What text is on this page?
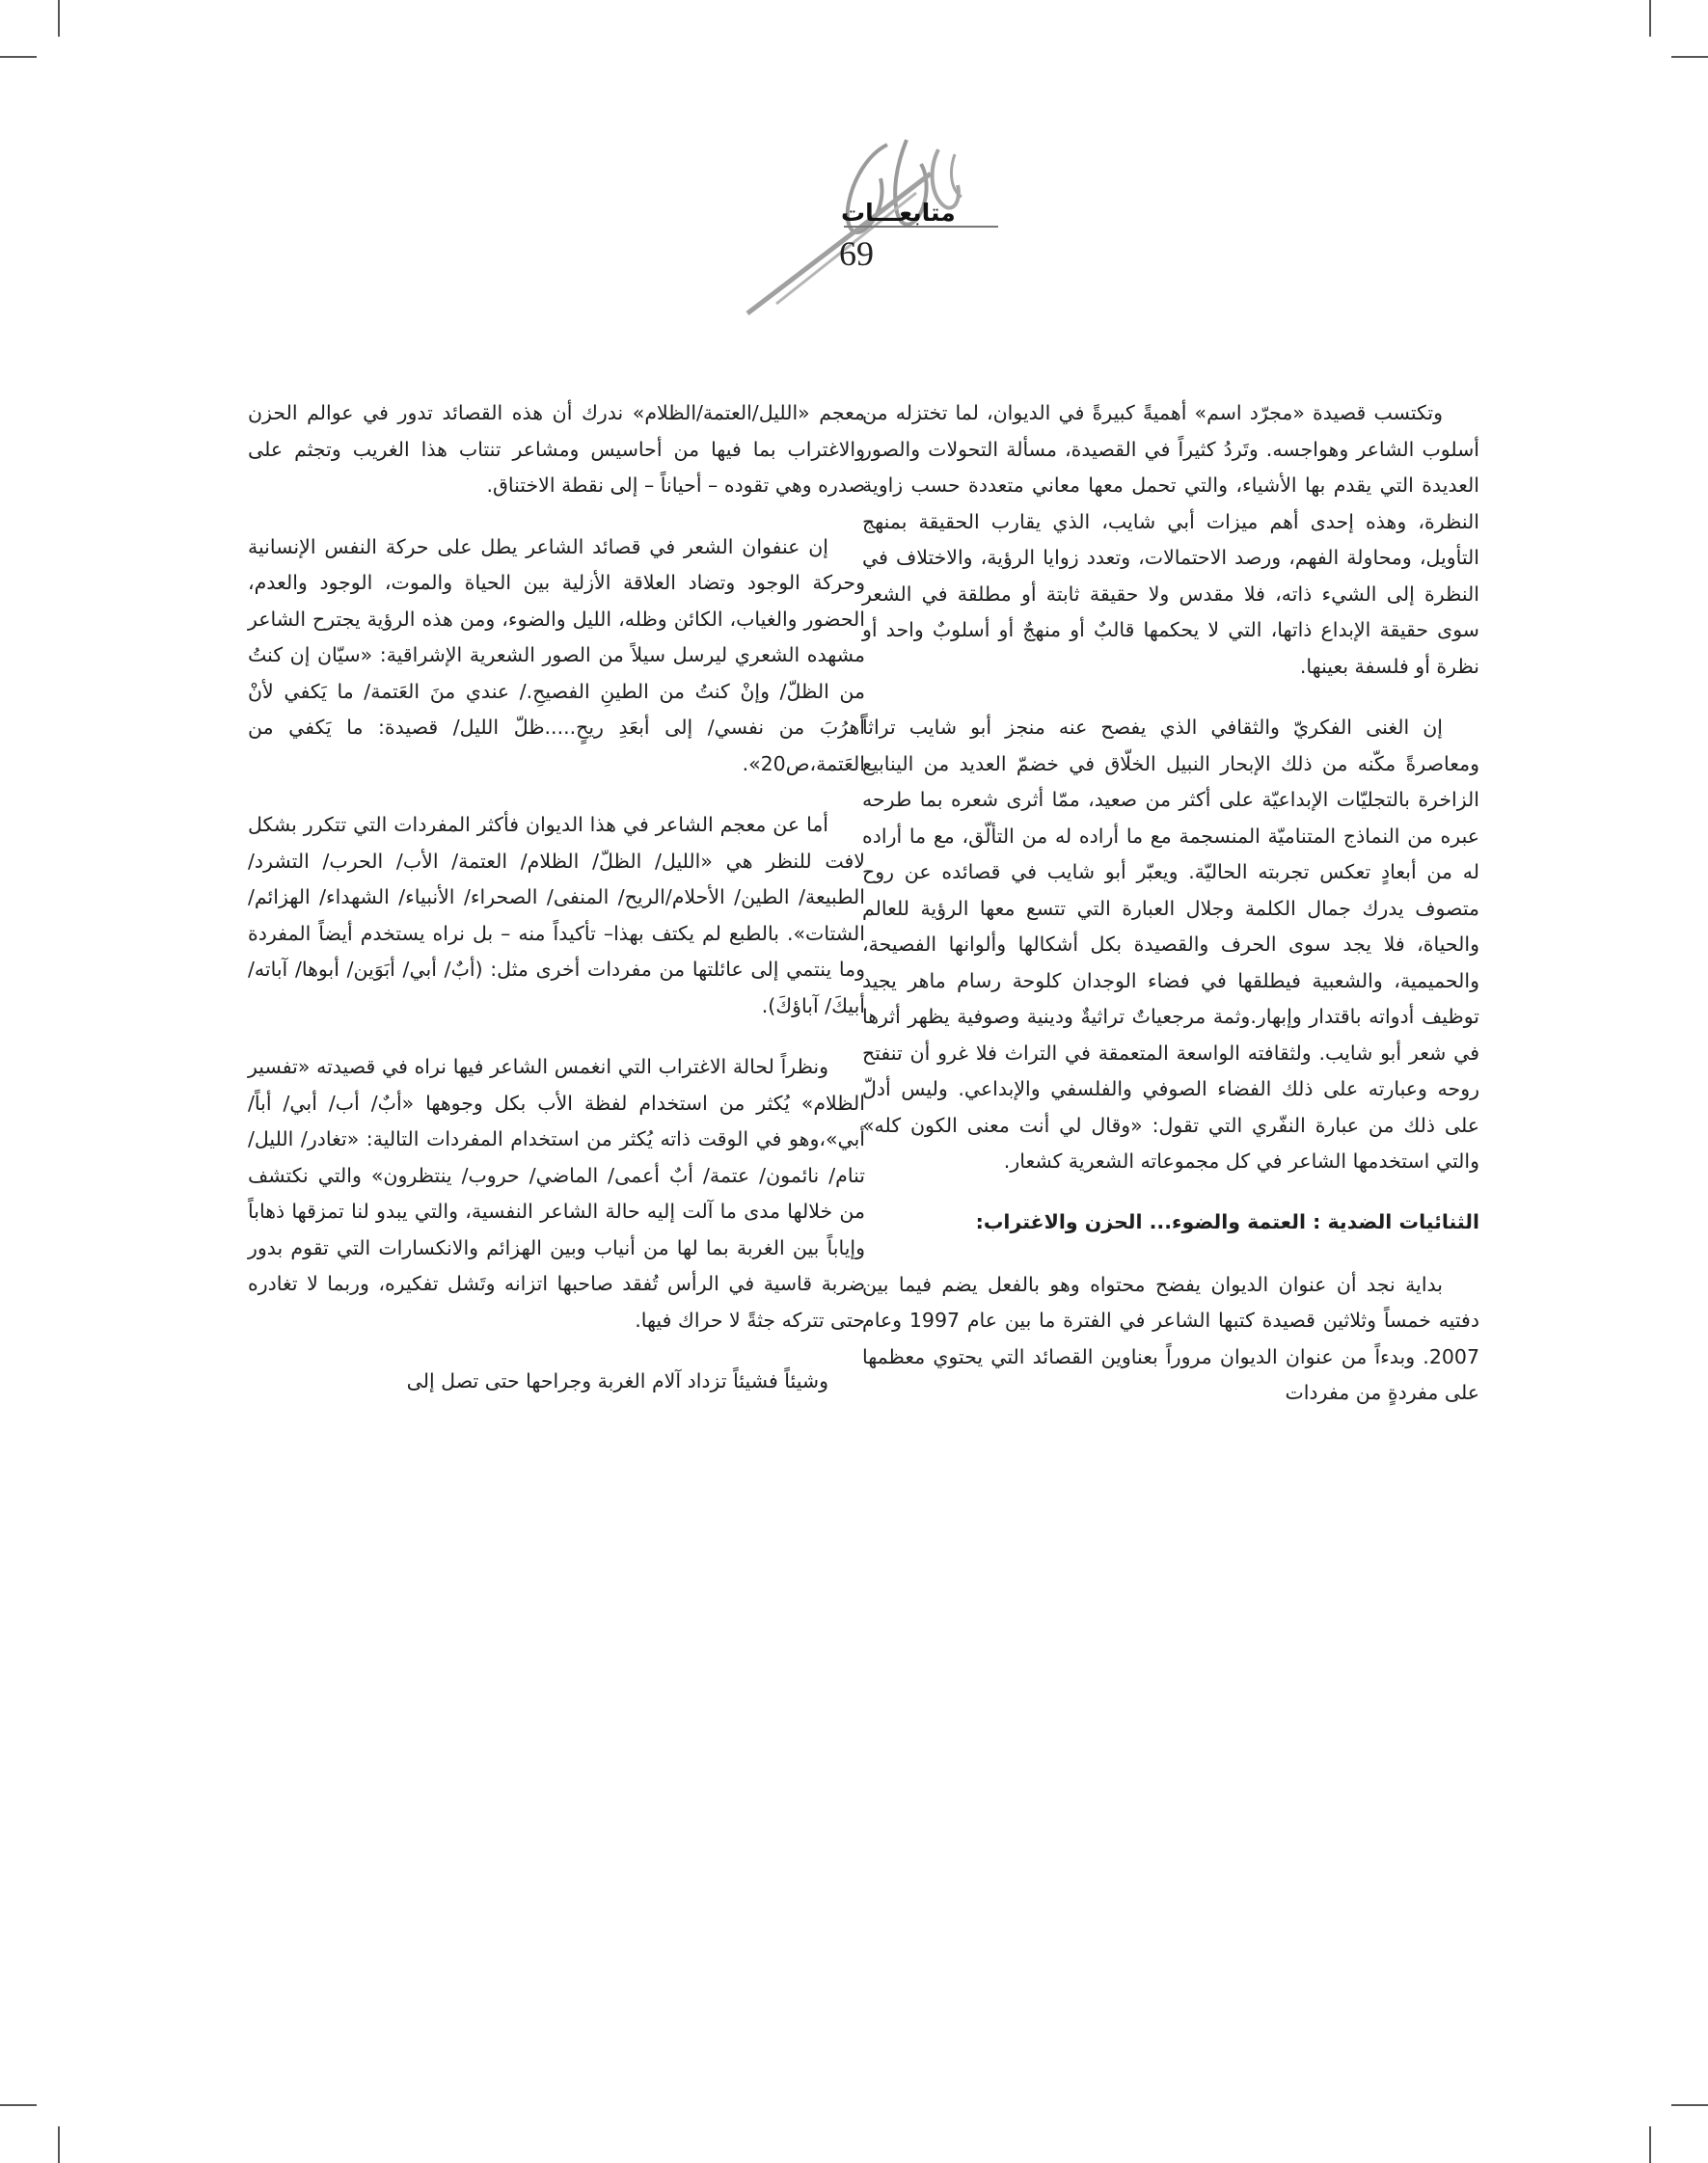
متابعـــات
69

وتكتسب قصيدة «مجرّد اسم» أهميةً كبيرةً في الديوان، لما تختزله من أسلوب الشاعر وهواجسه. وتَردُ كثيراً في القصيدة، مسألة التحولات والصور العديدة التي يقدم بها الأشياء، والتي تحمل معها معاني متعددة حسب زاوية النظرة، وهذه إحدى أهم ميزات أبي شايب، الذي يقارب الحقيقة بمنهج التأويل، ومحاولة الفهم، ورصد الاحتمالات، وتعدد زوايا الرؤية، والاختلاف في النظرة إلى الشيء ذاته، فلا مقدس ولا حقيقة ثابتة أو مطلقة في الشعر سوى حقيقة الإبداع ذاتها، التي لا يحكمها قالبٌ أو منهجٌ أو أسلوبٌ واحد أو نظرة أو فلسفة بعينها.

إن الغنى الفكريّ والثقافي الذي يفصح عنه منجز أبو شايب تراثاً ومعاصرةً مكّنه من ذلك الإبحار النبيل الخلّاق في خضمّ العديد من الينابيع الزاخرة بالتجليّات الإبداعيّة على أكثر من صعيد، ممّا أثرى شعره بما طرحه عبره من النماذج المتناميّة المنسجمة مع ما أراده له من التألّق، مع ما أراده له من أبعادٍ تعكس تجربته الحاليّة. ويعبّر أبو شايب في قصائده عن روح متصوف يدرك جمال الكلمة وجلال العبارة التي تتسع معها الرؤية للعالم والحياة، فلا يجد سوى الحرف والقصيدة بكل أشكالها وألوانها الفصيحة، والحميمية، والشعبية فيطلقها في فضاء الوجدان كلوحة رسام ماهر يجيد توظيف أدواته باقتدار وإبهار.وثمة مرجعياتٌ تراثيةٌ ودينية وصوفية يظهر أثرها في شعر أبو شايب. ولثقافته الواسعة المتعمقة في التراث فلا غرو أن تنفتح روحه وعبارته على ذلك الفضاء الصوفي والفلسفي والإبداعي. وليس أدلّ على ذلك من عبارة النفّري التي تقول: «وقال لي أنت معنى الكون كله» والتي استخدمها الشاعر في كل مجموعاته الشعرية كشعار.

الثنائيات الضدية : العتمة والضوء... الحزن والاغتراب:

بداية نجد أن عنوان الديوان يفضح محتواه وهو بالفعل يضم فيما بين دفتيه خمساً وثلاثين قصيدة كتبها الشاعر في الفترة ما بين عام 1997 وعام 2007. وبدءاً من عنوان الديوان مروراً بعناوين القصائد التي يحتوي معظمها على مفردةٍ من مفردات

معجم «الليل/العتمة/الظلام» ندرك أن هذه القصائد تدور في عوالم الحزن والاغتراب بما فيها من أحاسيس ومشاعر تنتاب هذا الغريب وتجثم على صدره وهي تقوده – أحياناً – إلى نقطة الاختناق.

إن عنفوان الشعر في قصائد الشاعر يطل على حركة النفس الإنسانية وحركة الوجود وتضاد العلاقة الأزلية بين الحياة والموت، الوجود والعدم، الحضور والغياب، الكائن وظله، الليل والضوء، ومن هذه الرؤية يجترح الشاعر مشهده الشعري ليرسل سيلاً من الصور الشعرية الإشراقية: «سيّان إن كنتُ من الظلّ/ وإنْ كنتُ من الطينِ الفصيحِ./ عندي منَ العَتمة/ ما يَكفي لأنْ أهرُبَ من نفسي/ إلى أبعَدِ ريحٍ.....ظلّ الليل/ قصيدة: ما يَكفي من العَتمة،ص20».

أما عن معجم الشاعر في هذا الديوان فأكثر المفردات التي تتكرر بشكل لافت للنظر هي «الليل/ الظلّ/ الظلام/ العتمة/ الأب/ الحرب/ التشرد/ الطبيعة/ الطين/ الأحلام/الريح/ المنفى/ الصحراء/ الأنبياء/ الشهداء/ الهزائم/ الشتات». بالطبع لم يكتف بهذا– تأكيداً منه – بل نراه يستخدم أيضاً المفردة وما ينتمي إلى عائلتها من مفردات أخرى مثل: (أبٌ/ أبي/ أبَوَين/ أبوها/ آباته/ أبيكَ/ آباؤكَ).

ونظراً لحالة الاغتراب التي انغمس الشاعر فيها نراه في قصيدته «تفسير الظلام» يُكثر من استخدام لفظة الأب بكل وجوهها «أبٌ/ أب/ أبي/ أباً/ أبي»،وهو في الوقت ذاته يُكثر من استخدام المفردات التالية: «تغادر/ الليل/ تنام/ نائمون/ عتمة/ أبٌ أعمى/ الماضي/ حروب/ ينتظرون» والتي نكتشف من خلالها مدى ما آلت إليه حالة الشاعر النفسية، والتي يبدو لنا تمزقها ذهاباً وإياباً بين الغربة بما لها من أنياب وبين الهزائم والانكسارات التي تقوم بدور ضربة قاسية في الرأس تُفقد صاحبها اتزانه وتَشل تفكيره، وربما لا تغادره حتى تتركه جثةً لا حراك فيها.

وشيئاً فشيئاً تزداد آلام الغربة وجراحها حتى تصل إلى
